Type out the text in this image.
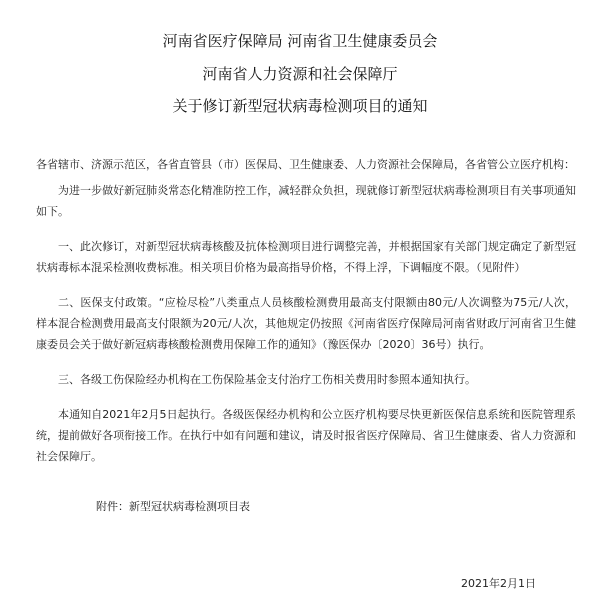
河南省医疗保障局 河南省卫生健康委员会
河南省人力资源和社会保障厅
关于修订新型冠状病毒检测项目的通知

各省辖市、济源示范区，各省直管县（市）医保局、卫生健康委、人力资源社会保障局，各省管公立医疗机构：

为进一步做好新冠肺炎常态化精准防控工作，减轻群众负担，现就修订新型冠状病毒检测项目有关事项通知如下。

一、此次修订，对新型冠状病毒核酸及抗体检测项目进行调整完善，并根据国家有关部门规定确定了新型冠状病毒标本混采检测收费标准。相关项目价格为最高指导价格，不得上浮，下调幅度不限。（见附件）

二、医保支付政策。“应检尽检”八类重点人员核酸检测费用最高支付限额由80元/人次调整为75元/人次，样本混合检测费用最高支付限额为20元/人次，其他规定仍按照《河南省医疗保障局河南省财政厅河南省卫生健康委员会关于做好新冠病毒核酸检测费用保障工作的通知》（豫医保办〔2020〕36号）执行。

三、各级工伤保险经办机构在工伤保险基金支付治疗工伤相关费用时参照本通知执行。

本通知自2021年2月5日起执行。各级医保经办机构和公立医疗机构要尽快更新医保信息系统和医院管理系统，提前做好各项衔接工作。在执行中如有问题和建议，请及时报省医疗保障局、省卫生健康委、省人力资源和社会保障厅。

附件：新型冠状病毒检测项目表
2021年2月1日
